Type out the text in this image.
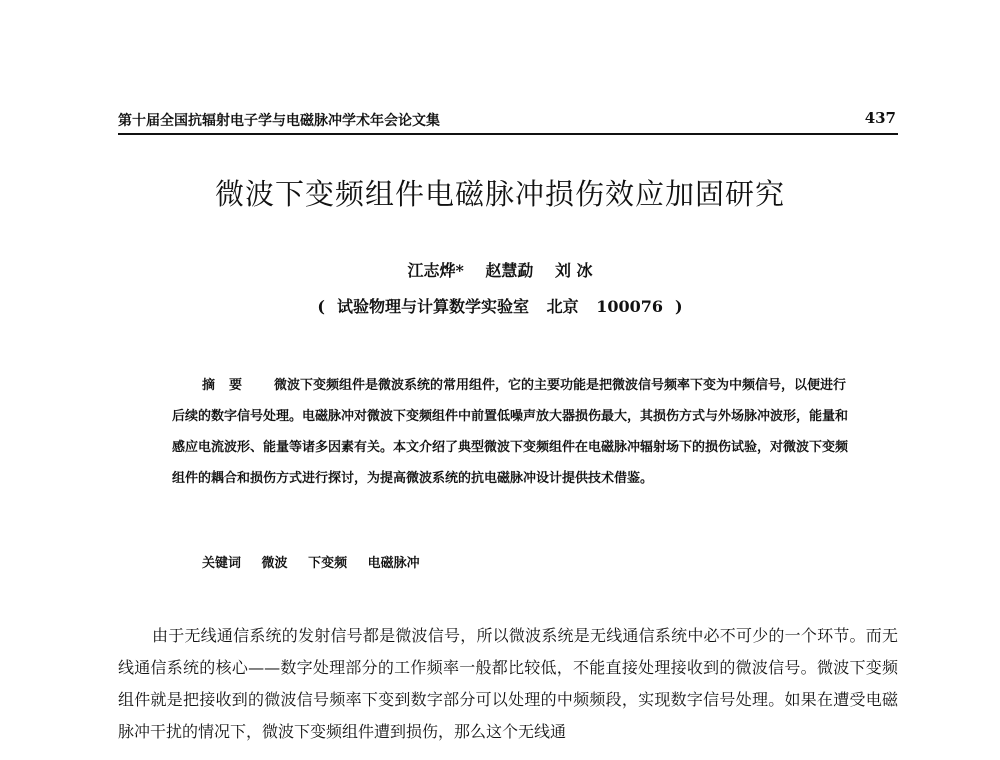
第十届全国抗辐射电子学与电磁脉冲学术年会论文集	437
微波下变频组件电磁脉冲损伤效应加固研究
江志烨* 赵慧勐 刘 冰
( 试验物理与计算数学实验室 北京 100076 )

摘要 微波下变频组件是微波系统的常用组件，它的主要功能是把微波信号频率下变为中频信号，以便进行后续的数字信号处理。电磁脉冲对微波下变频组件中前置低噪声放大器损伤最大，其损伤方式与外场脉冲波形，能量和感应电流波形、能量等诸多因素有关。本文介绍了典型微波下变频组件在电磁脉冲辐射场下的损伤试验，对微波下变频组件的耦合和损伤方式进行探讨，为提高微波系统的抗电磁脉冲设计提供技术借鉴。

关键词 微波 下变频 电磁脉冲

由于无线通信系统的发射信号都是微波信号，所以微波系统是无线通信系统中必不可少的一个环节。而无线通信系统的核心——数字处理部分的工作频率一般都比较低，不能直接处理接收到的微波信号。微波下变频组件就是把接收到的微波信号频率下变到数字部分可以处理的中频频段，实现数字信号处理。如果在遭受电磁脉冲干扰的情况下，微波下变频组件遭到损伤，那么这个无线通
